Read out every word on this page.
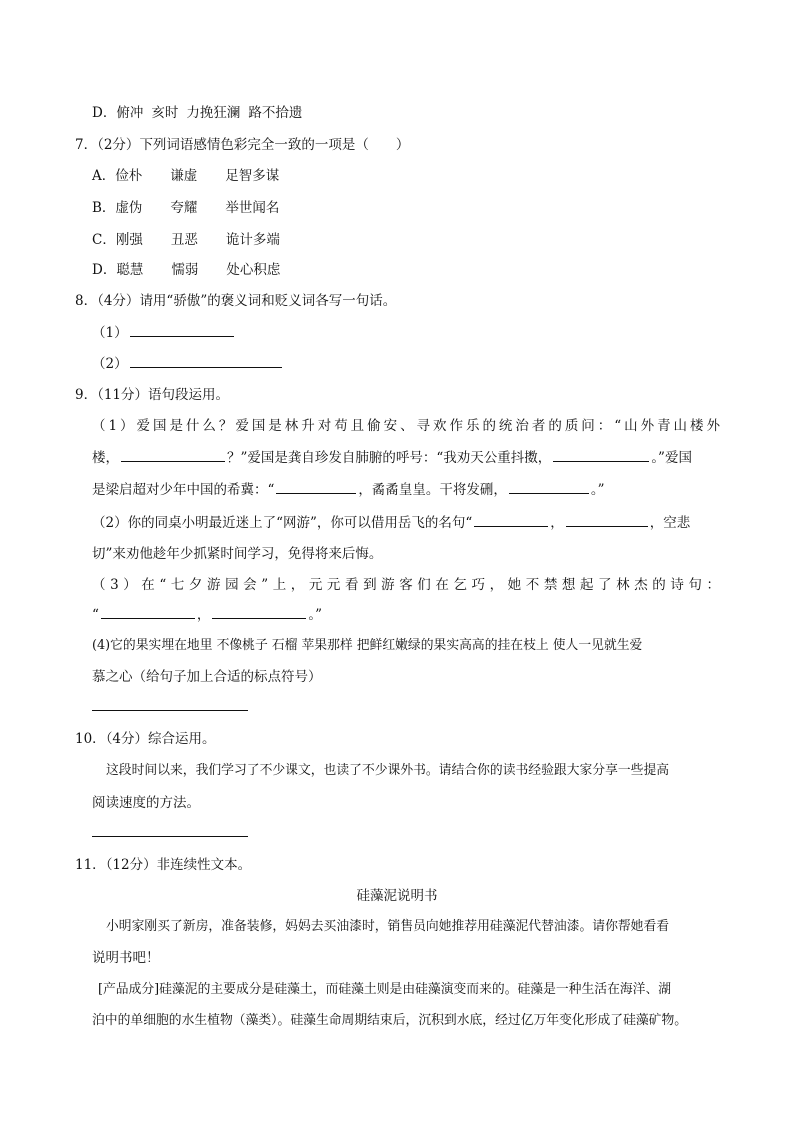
D．俯冲 亥时 力挽狂澜 路不拾遗
7．（2分）下列词语感情色彩完全一致的一项是（　　）
A．俭朴 谦虚 足智多谋
B．虚伪 夸耀 举世闻名
C．刚强 丑恶 诡计多端
D．聪慧 懦弱 处心积虑
8．（4分）请用“骄傲”的褒义词和贬义词各写一句话。
（1）
（2）
9．（11分）语句段运用。
（1）爱国是什么？爱国是林升对苟且偷安、寻欢作乐的统治者的质问：“山外青山楼外
楼，	？”爱国是龚自珍发自肺腑的呼号：“我劝天公重抖擞，	。”爱国
是梁启超对少年中国的希冀：“	，矞矞皇皇。干将发硎，	。”
（2）你的同桌小明最近迷上了“网游”，你可以借用岳飞的名句“	，	，空悲
切”来劝他趁年少抓紧时间学习，免得将来后悔。
（3）在“七夕游园会”上，元元看到游客们在乞巧，她不禁想起了林杰的诗句：
“	，	。”
(4)它的果实埋在地里 不像桃子 石榴 苹果那样 把鲜红嫩绿的果实高高的挂在枝上 使人一见就生爱
慕之心（给句子加上合适的标点符号）
10．（4分）综合运用。
这段时间以来，我们学习了不少课文，也读了不少课外书。请结合你的读书经验跟大家分享一些提高
阅读速度的方法。
11．（12分）非连续性文本。
硅藻泥说明书
小明家刚买了新房，准备装修，妈妈去买油漆时，销售员向她推荐用硅藻泥代替油漆。请你帮她看看
说明书吧！
[产品成分]硅藻泥的主要成分是硅藻土，而硅藻土则是由硅藻演变而来的。硅藻是一种生活在海洋、湖
泊中的单细胞的水生植物（藻类）。硅藻生命周期结束后，沉积到水底，经过亿万年变化形成了硅藻矿物。
